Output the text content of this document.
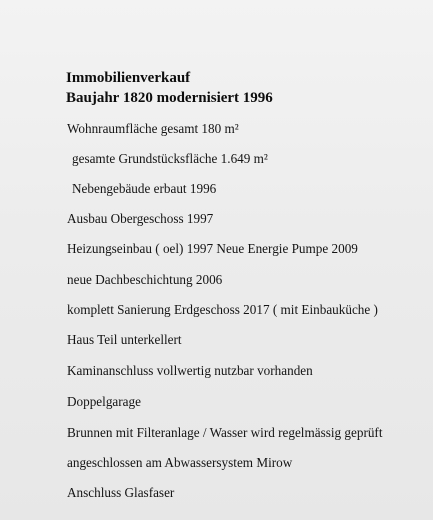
Immobilienverkauf
Baujahr 1820 modernisiert 1996
Wohnraumfläche gesamt 180 m²
gesamte Grundstücksfläche 1.649 m²
Nebengebäude erbaut 1996
Ausbau Obergeschoss 1997
Heizungseinbau ( oel) 1997 Neue Energie Pumpe 2009
neue Dachbeschichtung 2006
komplett Sanierung Erdgeschoss 2017 ( mit Einbauküche )
Haus Teil unterkellert
Kaminanschluss vollwertig nutzbar vorhanden
Doppelgarage
Brunnen mit Filteranlage / Wasser wird regelmässig geprüft
angeschlossen am Abwassersystem Mirow
Anschluss Glasfaser
